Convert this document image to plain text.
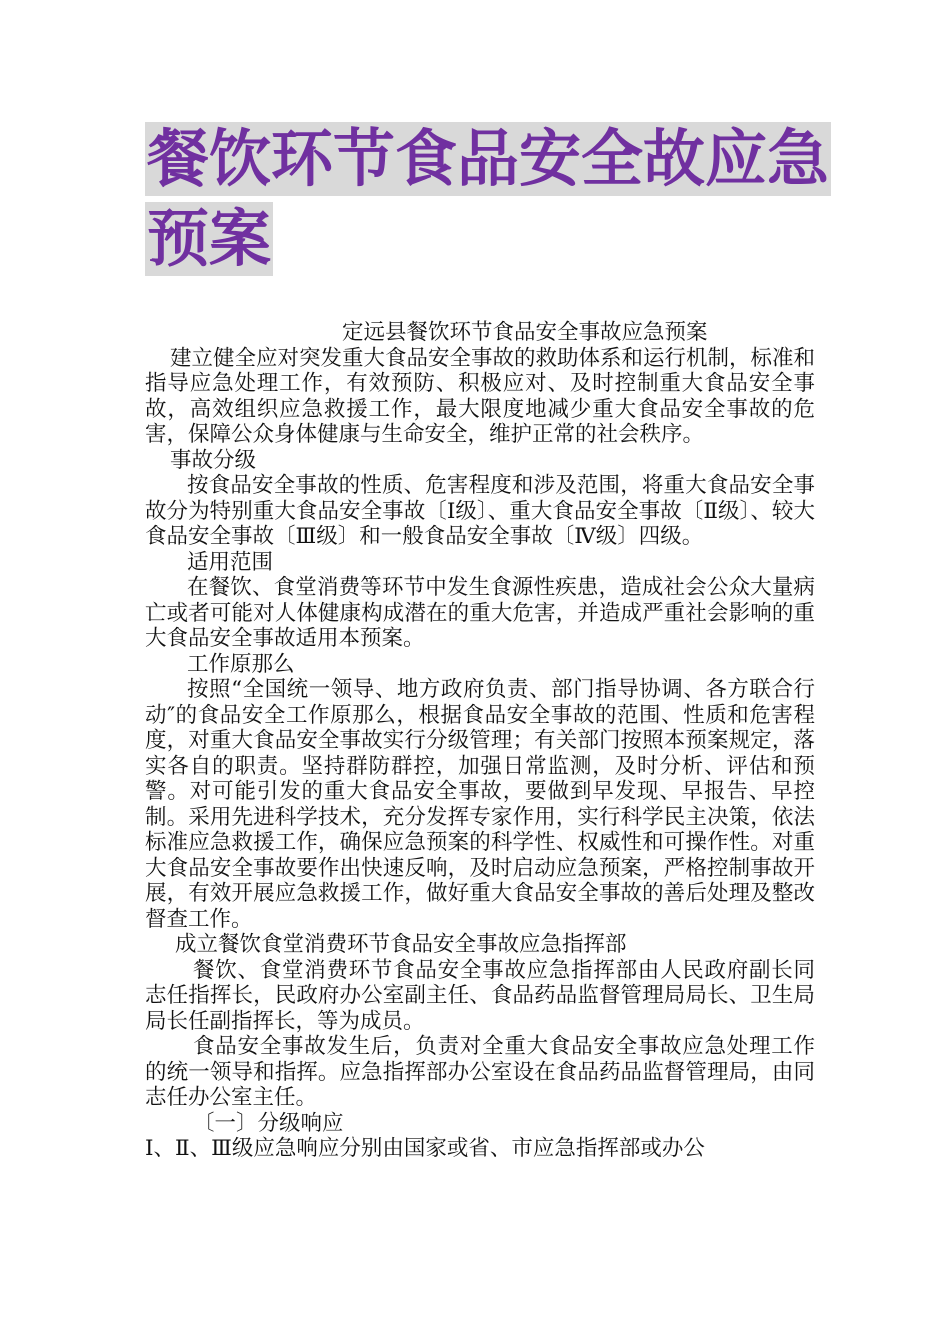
餐饮环节食品安全故应急
预案

定远县餐饮环节食品安全事故应急预案

建立健全应对突发重大食品安全事故的救助体系和运行机制，标准和指导应急处理工作，有效预防、积极应对、及时控制重大食品安全事故，高效组织应急救援工作，最大限度地减少重大食品安全事故的危害，保障公众身体健康与生命安全，维护正常的社会秩序。

事故分级

按食品安全事故的性质、危害程度和涉及范围，将重大食品安全事故分为特别重大食品安全事故〔Ⅰ级〕、重大食品安全事故〔Ⅱ级〕、较大食品安全事故〔Ⅲ级〕和一般食品安全事故〔Ⅳ级〕四级。

适用范围

在餐饮、食堂消费等环节中发生食源性疾患，造成社会公众大量病亡或者可能对人体健康构成潜在的重大危害，并造成严重社会影响的重大食品安全事故适用本预案。

工作原那么

按照“全国统一领导、地方政府负责、部门指导协调、各方联合行动″的食品安全工作原那么，根据食品安全事故的范围、性质和危害程度，对重大食品安全事故实行分级管理；有关部门按照本预案规定，落实各自的职责。坚持群防群控，加强日常监测，及时分析、评估和预警。对可能引发的重大食品安全事故，要做到早发现、早报告、早控制。采用先进科学技术，充分发挥专家作用，实行科学民主决策，依法标准应急救援工作，确保应急预案的科学性、权威性和可操作性。对重大食品安全事故要作出快速反响，及时启动应急预案，严格控制事故开展，有效开展应急救援工作，做好重大食品安全事故的善后处理及整改督查工作。

成立餐饮食堂消费环节食品安全事故应急指挥部

餐饮、食堂消费环节食品安全事故应急指挥部由人民政府副长同志任指挥长，民政府办公室副主任、食品药品监督管理局局长、卫生局局长任副指挥长，等为成员。

食品安全事故发生后，负责对全重大食品安全事故应急处理工作的统一领导和指挥。应急指挥部办公室设在食品药品监督管理局，由同志任办公室主任。

〔一〕分级响应

Ⅰ、Ⅱ、Ⅲ级应急响应分别由国家或省、市应急指挥部或办公
